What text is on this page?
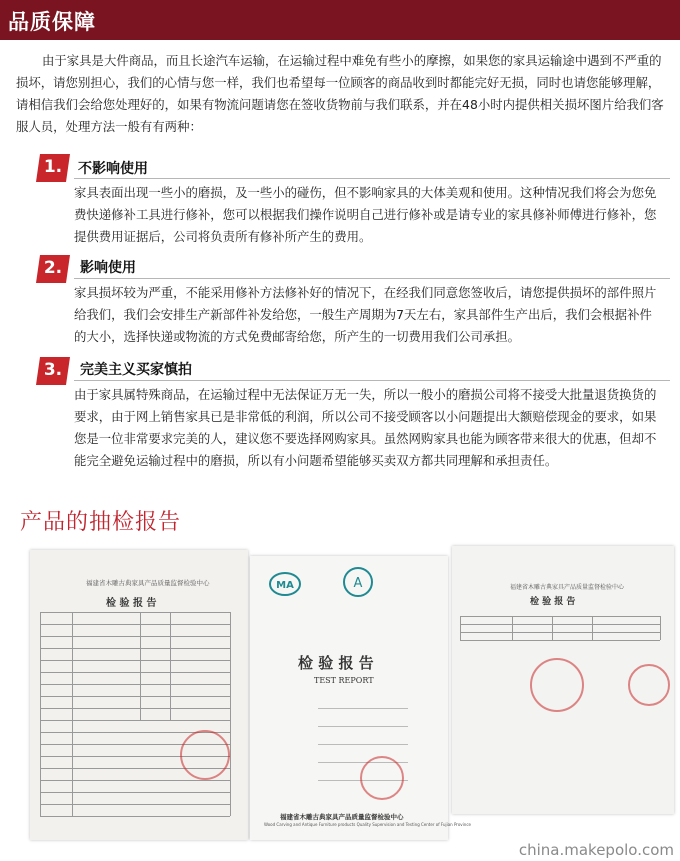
品质保障
由于家具是大件商品，而且长途汽车运输，在运输过程中难免有些小的摩擦，如果您的家具运输途中遇到不严重的损坏，请您别担心，我们的心情与您一样，我们也希望每一位顾客的商品收到时都能完好无损，同时也请您能够理解，请相信我们会给您处理好的，如果有物流问题请您在签收货物前与我们联系，并在48小时内提供相关损坏图片给我们客服人员，处理方法一般有有两种：
1.	不影响使用
家具表面出现一些小的磨损，及一些小的碰伤，但不影响家具的大体美观和使用。这种情况我们将会为您免费快递修补工具进行修补，您可以根据我们操作说明自己进行修补或是请专业的家具修补师傅进行修补，您提供费用证据后，公司将负责所有修补所产生的费用。
2.	影响使用
家具损坏较为严重，不能采用修补方法修补好的情况下，在经我们同意您签收后，请您提供损坏的部件照片给我们，我们会安排生产新部件补发给您，一般生产周期为7天左右，家具部件生产出后，我们会根据补件的大小，选择快递或物流的方式免费邮寄给您，所产生的一切费用我们公司承担。
3.	完美主义买家慎拍
由于家具属特殊商品，在运输过程中无法保证万无一失，所以一般小的磨损公司将不接受大批量退货换货的要求，由于网上销售家具已是非常低的利润，所以公司不接受顾客以小问题提出大额赔偿现金的要求，如果您是一位非常要求完美的人，建议您不要选择网购家具。虽然网购家具也能为顾客带来很大的优惠，但却不能完全避免运输过程中的磨损，所以有小问题希望能够买卖双方都共同理解和承担责任。
产品的抽检报告
福建省木雕古典家具产品质量监督检验中心
检 验 报 告
MA	A
检 验 报 告
TEST REPORT
福建省木雕古典家具产品质量监督检验中心
Wood Carving and Antique Furniture products Quality Supervision and Testing Center of Fujian Province
福建省木雕古典家具产品质量监督检验中心
检 验 报 告
china.makepolo.com
